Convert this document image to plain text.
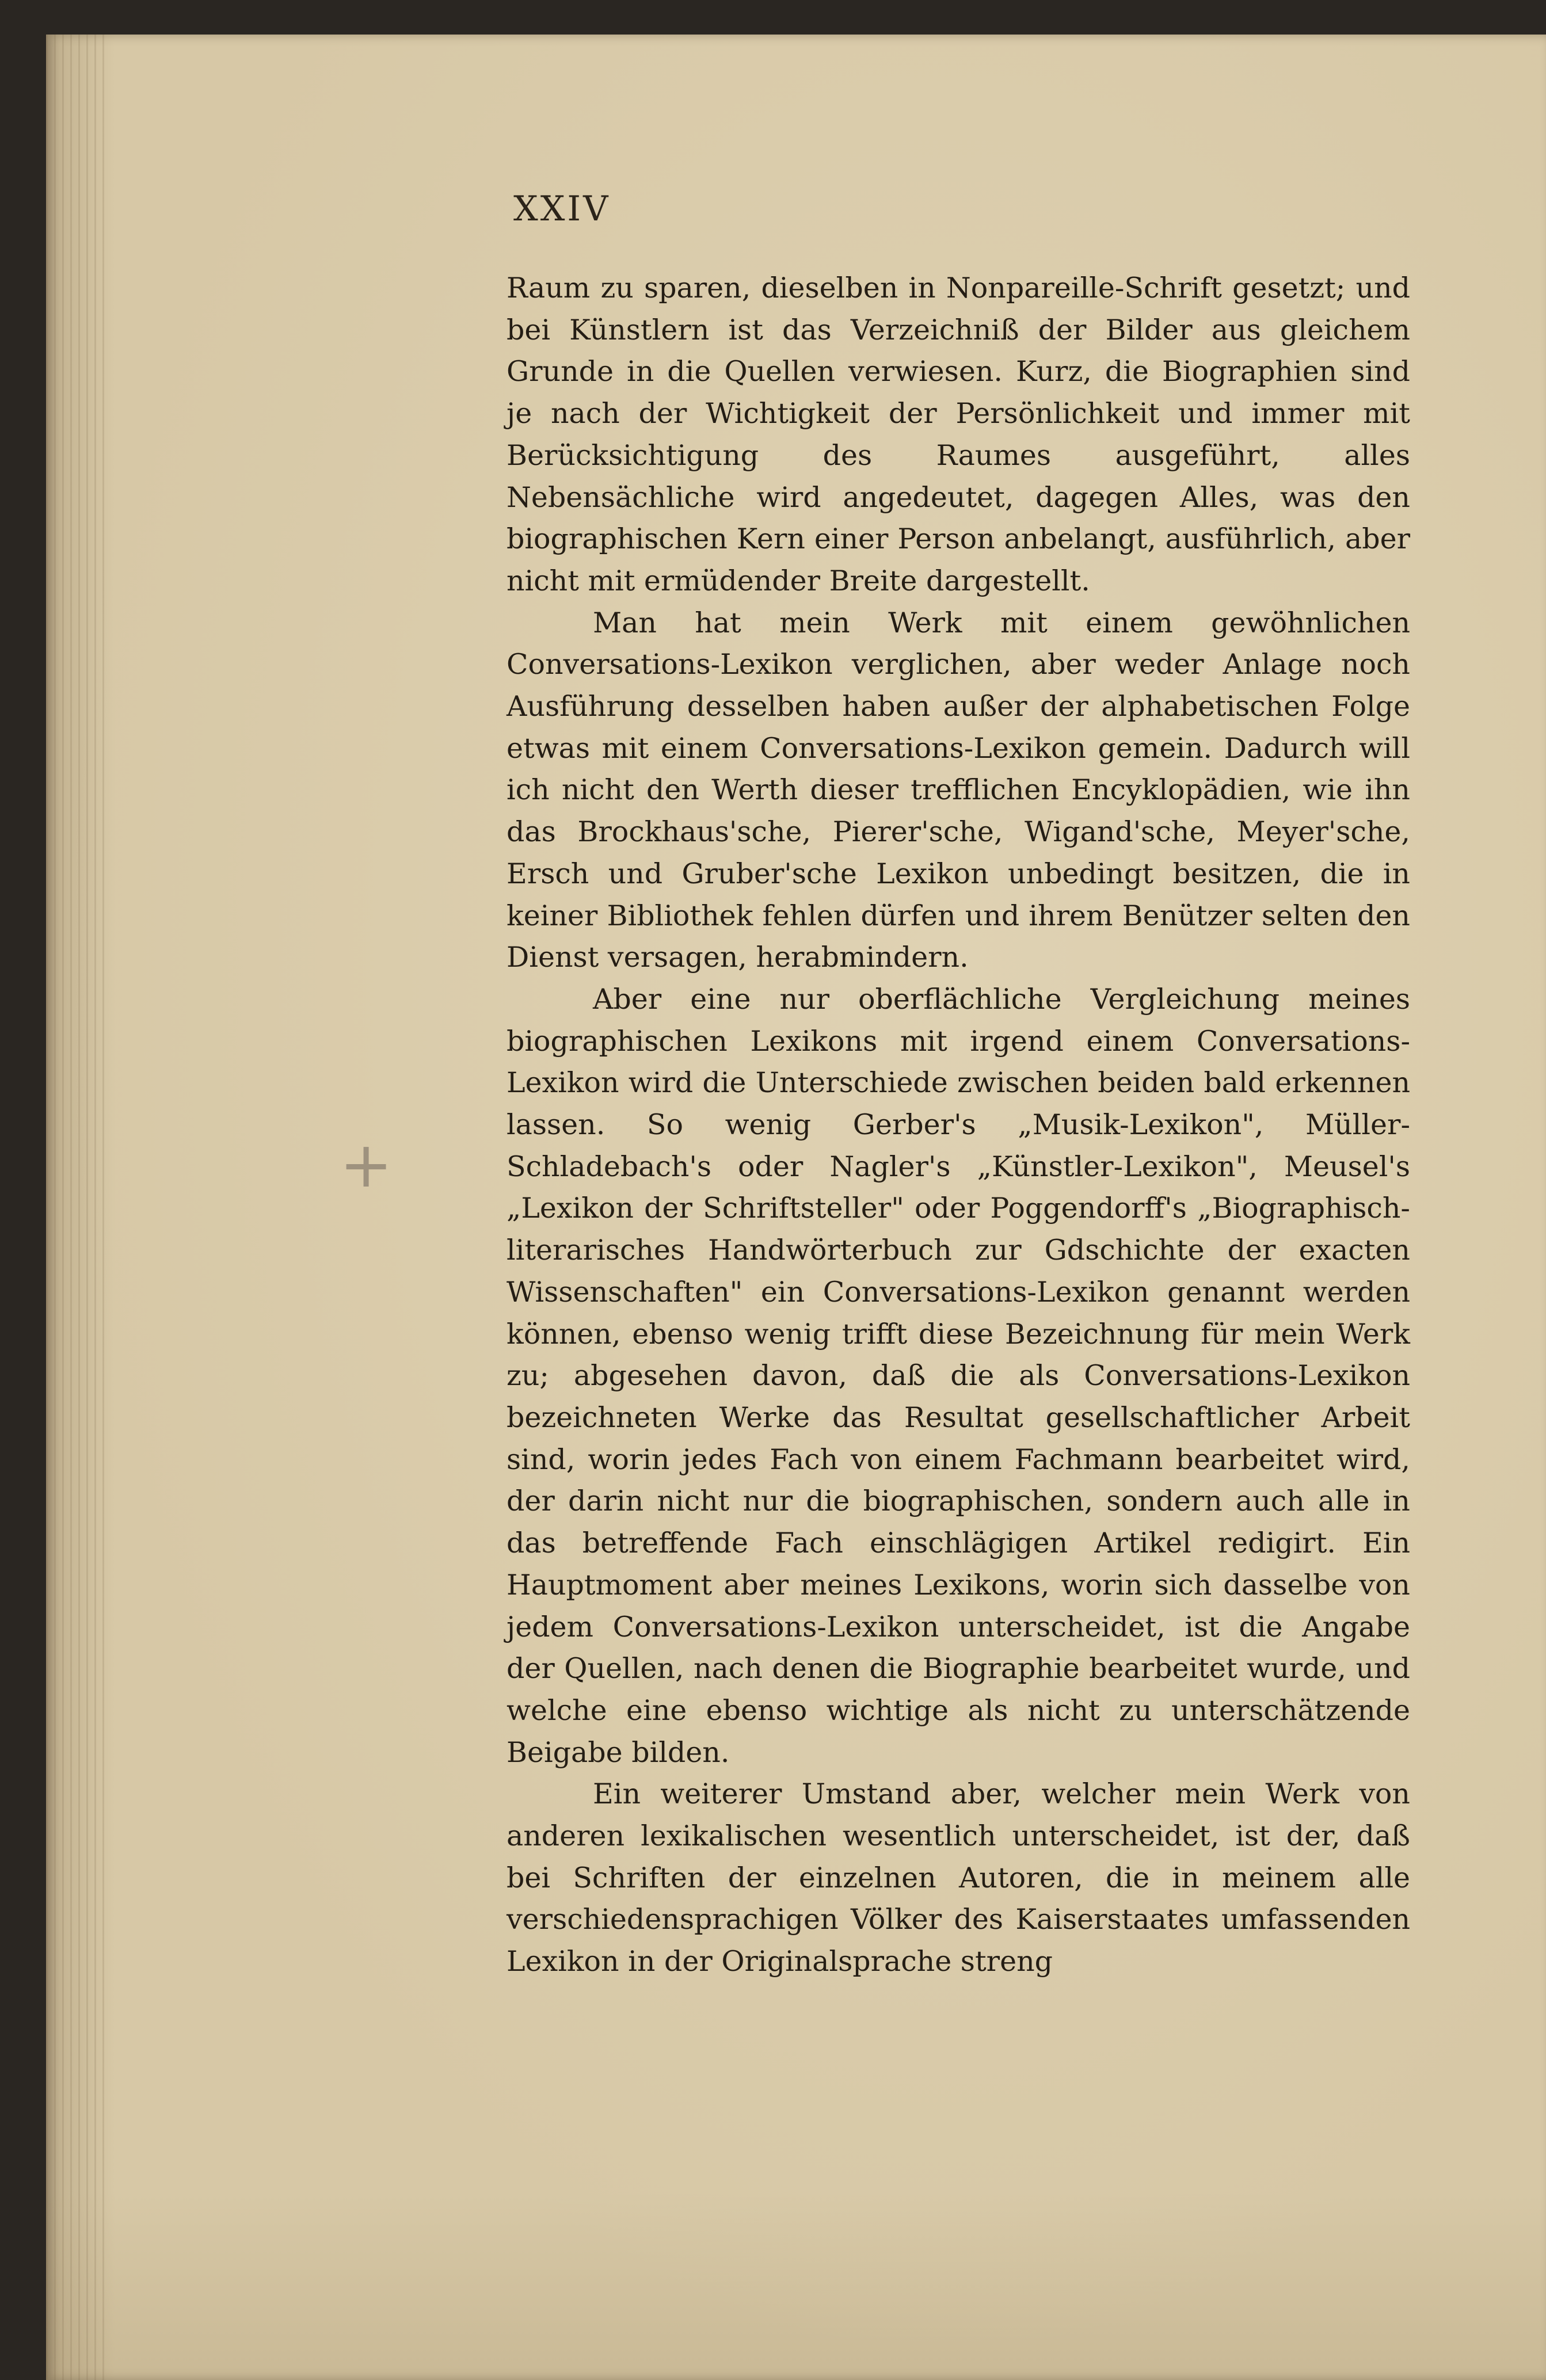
XXIV
+

Raum zu sparen, dieselben in Nonpareille-Schrift gesetzt; und bei Künstlern ist das Verzeichniß der Bilder aus gleichem Grunde in die Quellen verwiesen. Kurz, die Biographien sind je nach der Wichtigkeit der Persönlichkeit und immer mit Berücksichtigung des Raumes ausgeführt, alles Nebensächliche wird angedeutet, dagegen Alles, was den biographischen Kern einer Person anbelangt, ausführlich, aber nicht mit ermüdender Breite dargestellt.

Man hat mein Werk mit einem gewöhnlichen Conversations-Lexikon verglichen, aber weder Anlage noch Ausführung desselben haben außer der alphabetischen Folge etwas mit einem Conversations-Lexikon gemein. Dadurch will ich nicht den Werth dieser trefflichen Encyklopädien, wie ihn das Brockhaus'sche, Pierer'sche, Wigand'sche, Meyer'sche, Ersch und Gruber'sche Lexikon unbedingt besitzen, die in keiner Bibliothek fehlen dürfen und ihrem Benützer selten den Dienst versagen, herabmindern.

Aber eine nur oberflächliche Vergleichung meines biographischen Lexikons mit irgend einem Conversations-Lexikon wird die Unterschiede zwischen beiden bald erkennen lassen. So wenig Gerber's „Musik-Lexikon", Müller-Schladebach's oder Nagler's „Künstler-Lexikon", Meusel's „Lexikon der Schriftsteller" oder Poggendorff's „Biographisch-literarisches Handwörterbuch zur Gdschichte der exacten Wissenschaften" ein Conversations-Lexikon genannt werden können, ebenso wenig trifft diese Bezeichnung für mein Werk zu; abgesehen davon, daß die als Conversations-Lexikon bezeichneten Werke das Resultat gesellschaftlicher Arbeit sind, worin jedes Fach von einem Fachmann bearbeitet wird, der darin nicht nur die biographischen, sondern auch alle in das betreffende Fach einschlägigen Artikel redigirt. Ein Hauptmoment aber meines Lexikons, worin sich dasselbe von jedem Conversations-Lexikon unterscheidet, ist die Angabe der Quellen, nach denen die Biographie bearbeitet wurde, und welche eine ebenso wichtige als nicht zu unterschätzende Beigabe bilden.

Ein weiterer Umstand aber, welcher mein Werk von anderen lexikalischen wesentlich unterscheidet, ist der, daß bei Schriften der einzelnen Autoren, die in meinem alle verschiedensprachigen Völker des Kaiserstaates umfassenden Lexikon in der Originalsprache streng
